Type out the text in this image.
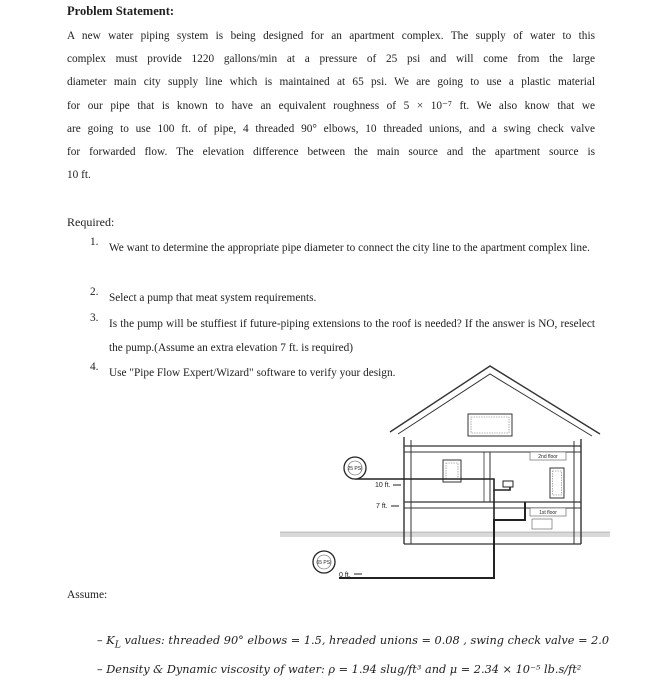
Problem Statement:
A new water piping system is being designed for an apartment complex. The supply of water to this
complex must provide 1220 gallons/min at a pressure of 25 psi and will come from the large
diameter main city supply line which is maintained at 65 psi. We are going to use a plastic material
for our pipe that is known to have an equivalent roughness of 5 × 10⁻⁷ ft. We also know that we
are going to use 100 ft. of pipe, 4 threaded 90° elbows, 10 threaded unions, and a swing check valve
for forwarded flow. The elevation difference between the main source and the apartment source is
10 ft.
Required:
1. We want to determine the appropriate pipe diameter to connect the city line to the apartment complex line.
2. Select a pump that meat system requirements.
3. Is the pump will be stuffiest if future-piping extensions to the roof is needed? If the answer is NO, reselect the pump.(Assume an extra elevation 7 ft. is required)
4. Use "Pipe Flow Expert/Wizard" software to verify your design.
2nd floor
1st floor
25 PSI
65 PSI
10 ft.
7 ft.
0 ft.
Assume:
– $K_L$ values: threaded 90° elbows = 1.5, hreaded unions = 0.08 , swing check valve = 2.0
– Density & Dynamic viscosity of water: ρ = 1.94 slug/ft³ and μ = 2.34 × 10⁻⁵ lb.s/ft²
